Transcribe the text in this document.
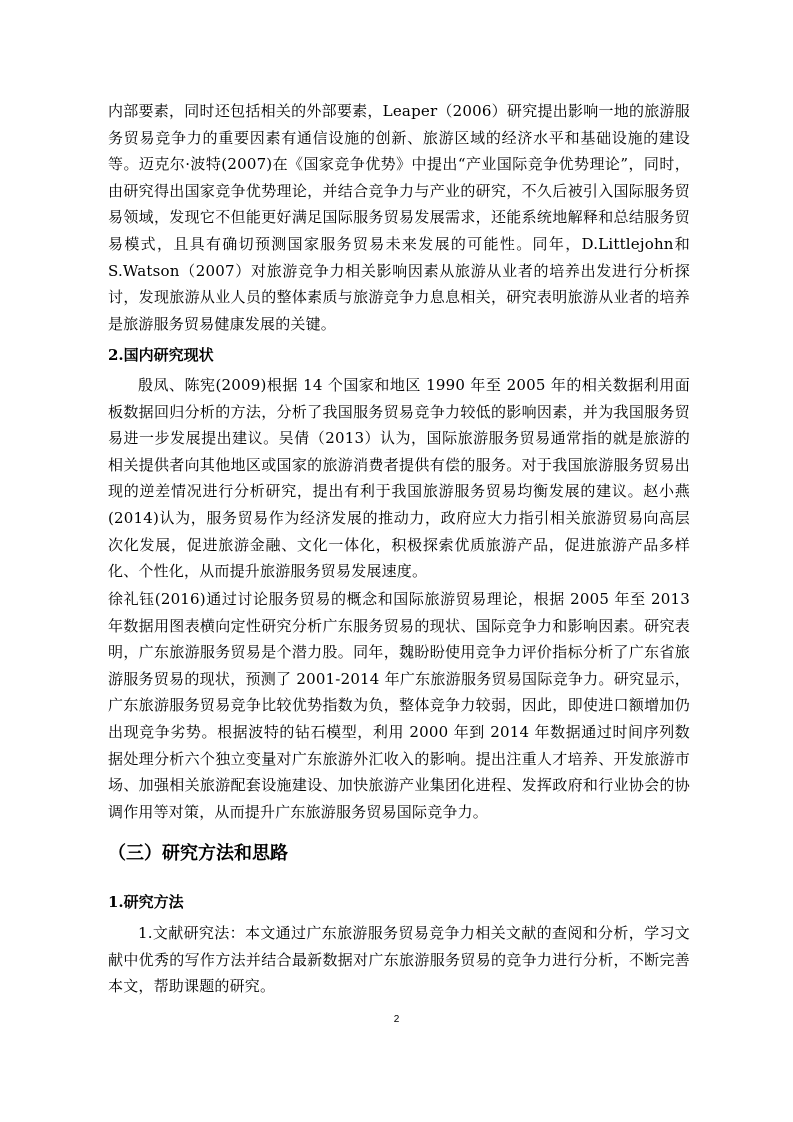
内部要素，同时还包括相关的外部要素，Leaper（2006）研究提出影响一地的旅游服务贸易竞争力的重要因素有通信设施的创新、旅游区域的经济水平和基础设施的建设等。迈克尔·波特(2007)在《国家竞争优势》中提出“产业国际竞争优势理论”，同时，由研究得出国家竞争优势理论，并结合竞争力与产业的研究，不久后被引入国际服务贸易领域，发现它不但能更好满足国际服务贸易发展需求，还能系统地解释和总结服务贸易模式，且具有确切预测国家服务贸易未来发展的可能性。同年，D.Littlejohn和 S.Watson（2007）对旅游竞争力相关影响因素从旅游从业者的培养出发进行分析探讨，发现旅游从业人员的整体素质与旅游竞争力息息相关，研究表明旅游从业者的培养是旅游服务贸易健康发展的关键。

2.国内研究现状

殷凤、陈宪(2009)根据 14 个国家和地区 1990 年至 2005 年的相关数据利用面板数据回归分析的方法，分析了我国服务贸易竞争力较低的影响因素，并为我国服务贸易进一步发展提出建议。吴倩（2013）认为，国际旅游服务贸易通常指的就是旅游的相关提供者向其他地区或国家的旅游消费者提供有偿的服务。对于我国旅游服务贸易出现的逆差情况进行分析研究，提出有利于我国旅游服务贸易均衡发展的建议。赵小燕(2014)认为，服务贸易作为经济发展的推动力，政府应大力指引相关旅游贸易向高层次化发展，促进旅游金融、文化一体化，积极探索优质旅游产品，促进旅游产品多样化、个性化，从而提升旅游服务贸易发展速度。

徐礼钰(2016)通过讨论服务贸易的概念和国际旅游贸易理论，根据 2005 年至 2013 年数据用图表横向定性研究分析广东服务贸易的现状、国际竞争力和影响因素。研究表明，广东旅游服务贸易是个潜力股。同年，魏盼盼使用竞争力评价指标分析了广东省旅游服务贸易的现状，预测了 2001-2014 年广东旅游服务贸易国际竞争力。研究显示，广东旅游服务贸易竞争比较优势指数为负，整体竞争力较弱，因此，即使进口额增加仍出现竞争劣势。根据波特的钻石模型，利用 2000 年到 2014 年数据通过时间序列数据处理分析六个独立变量对广东旅游外汇收入的影响。提出注重人才培养、开发旅游市场、加强相关旅游配套设施建设、加快旅游产业集团化进程、发挥政府和行业协会的协调作用等对策，从而提升广东旅游服务贸易国际竞争力。

（三）研究方法和思路

1.研究方法

1.文献研究法：本文通过广东旅游服务贸易竞争力相关文献的查阅和分析，学习文献中优秀的写作方法并结合最新数据对广东旅游服务贸易的竞争力进行分析，不断完善本文，帮助课题的研究。

2
